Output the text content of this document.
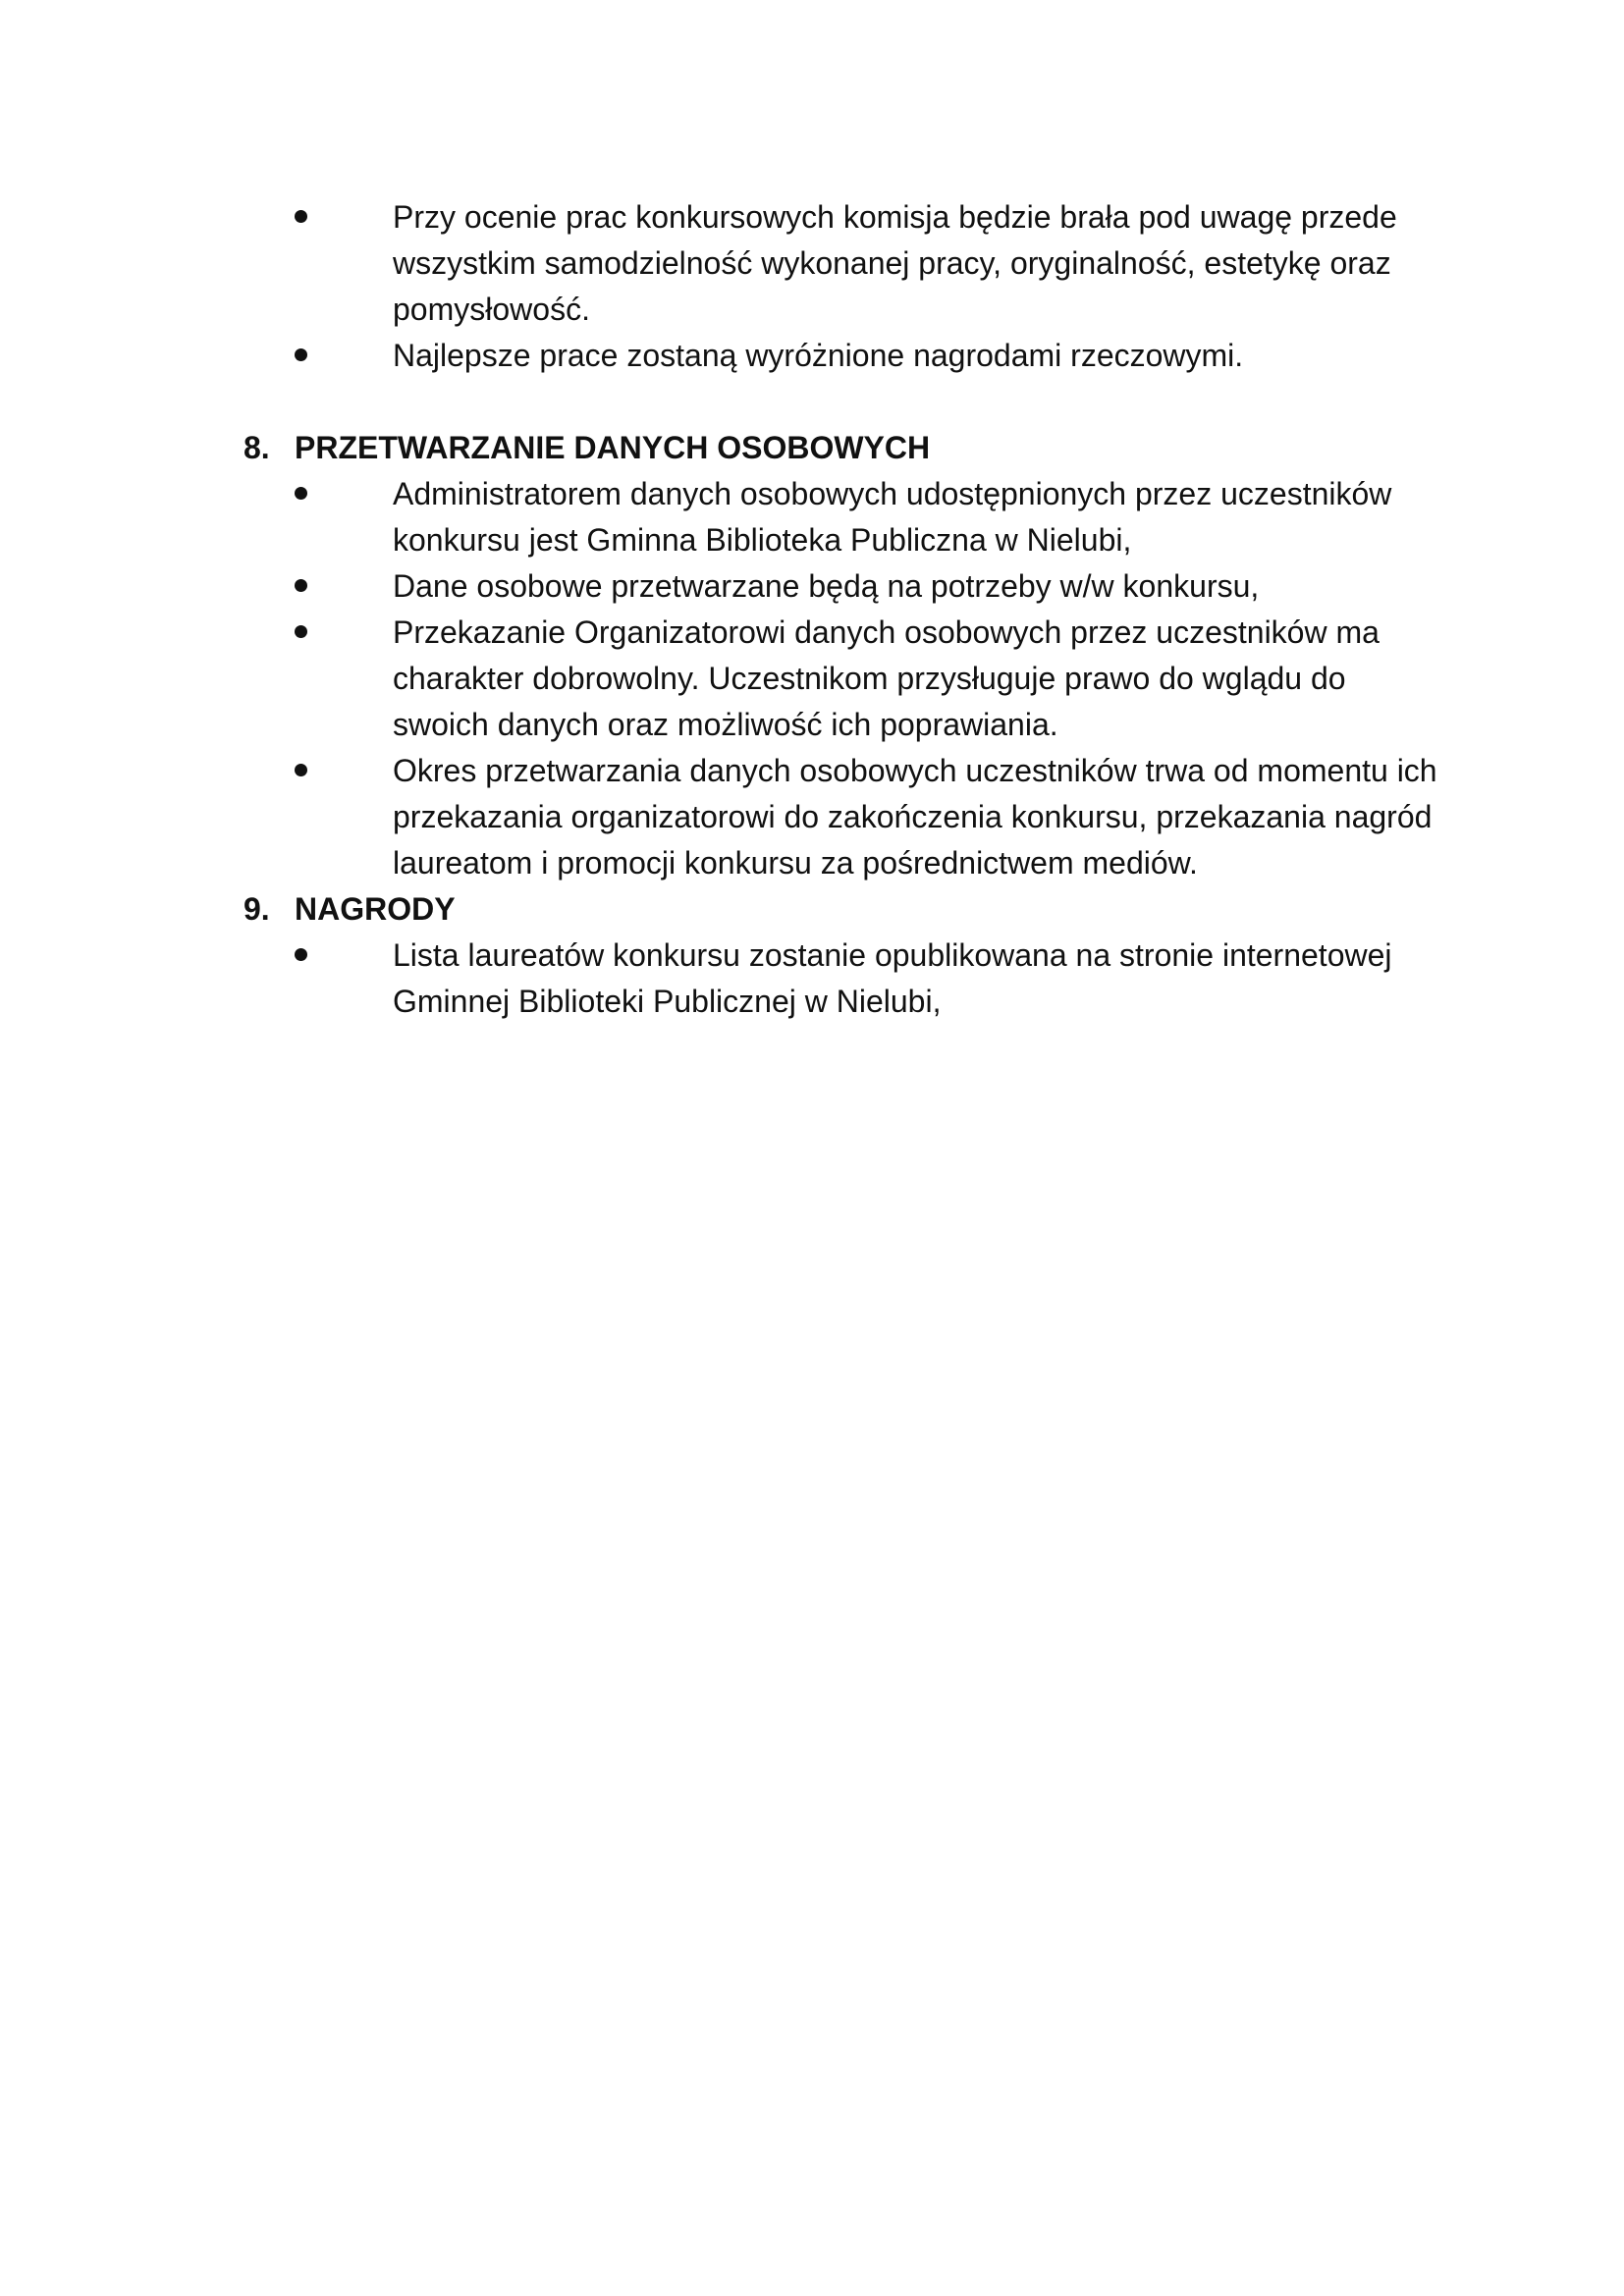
Przy ocenie prac konkursowych komisja będzie brała pod uwagę przede wszystkim samodzielność wykonanej pracy, oryginalność, estetykę oraz pomysłowość.
Najlepsze prace zostaną wyróżnione nagrodami rzeczowymi.
8. PRZETWARZANIE DANYCH OSOBOWYCH
Administratorem danych osobowych udostępnionych przez uczestników konkursu jest Gminna Biblioteka Publiczna w Nielubi,
Dane osobowe przetwarzane będą na potrzeby w/w konkursu,
Przekazanie Organizatorowi danych osobowych przez uczestników ma charakter dobrowolny. Uczestnikom przysługuje prawo do wglądu do swoich danych oraz możliwość ich poprawiania.
Okres przetwarzania danych osobowych uczestników trwa od momentu ich przekazania organizatorowi do zakończenia konkursu, przekazania nagród laureatom i promocji konkursu za pośrednictwem mediów.
9. NAGRODY
Lista laureatów konkursu zostanie opublikowana na stronie internetowej Gminnej Biblioteki Publicznej w Nielubi,
